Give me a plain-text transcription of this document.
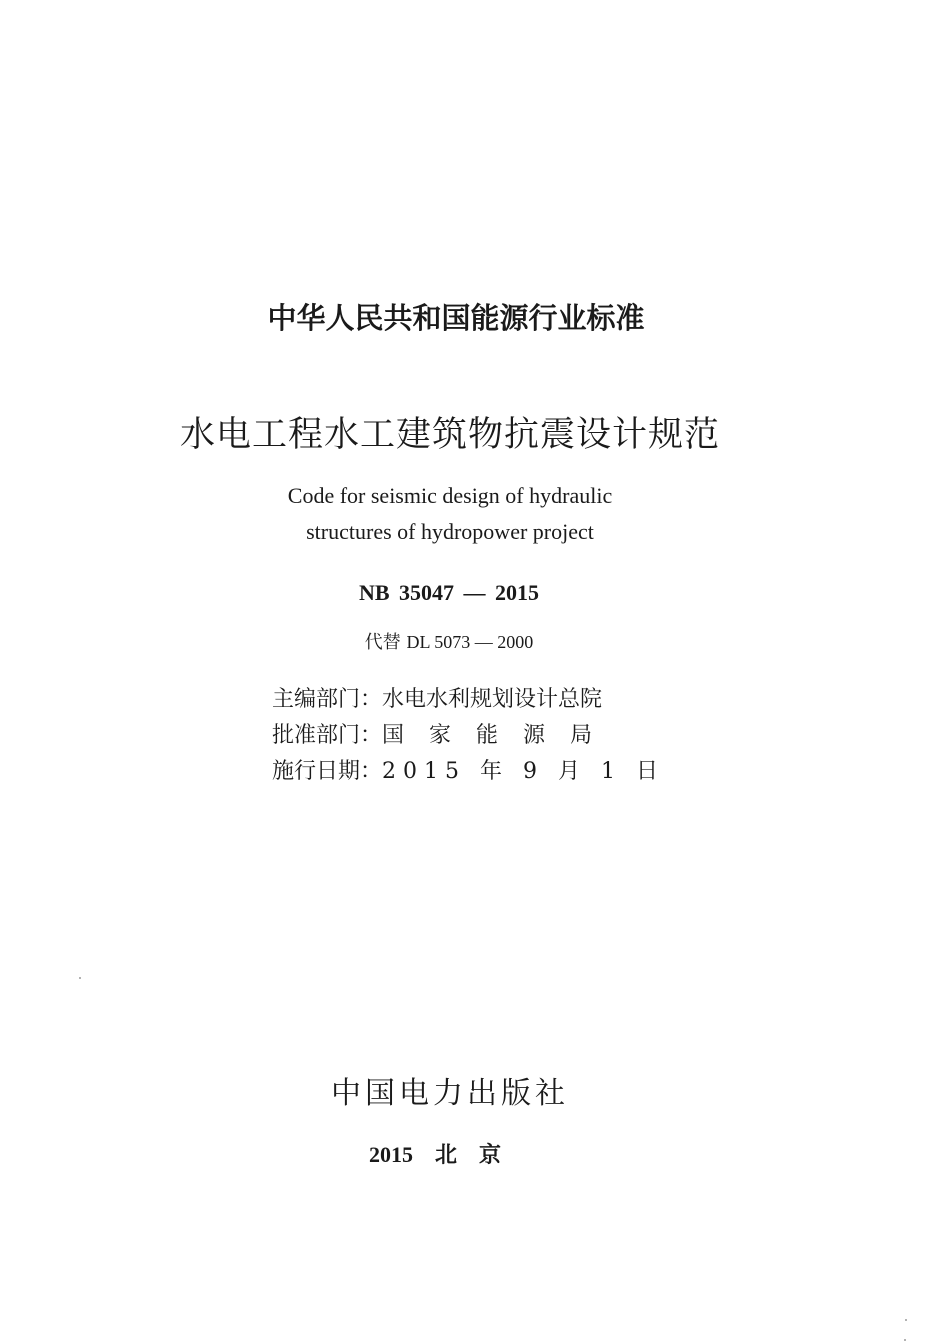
中华人民共和国能源行业标准
水电工程水工建筑物抗震设计规范
Code for seismic design of hydraulic
structures of hydropower project
NB 35047 — 2015
代替 DL 5073 — 2000
主编部门：水电水利规划设计总院
批准部门：国家能源局
施行日期：2015 年 9 月 1 日
中国电力出版社
2015 北京
